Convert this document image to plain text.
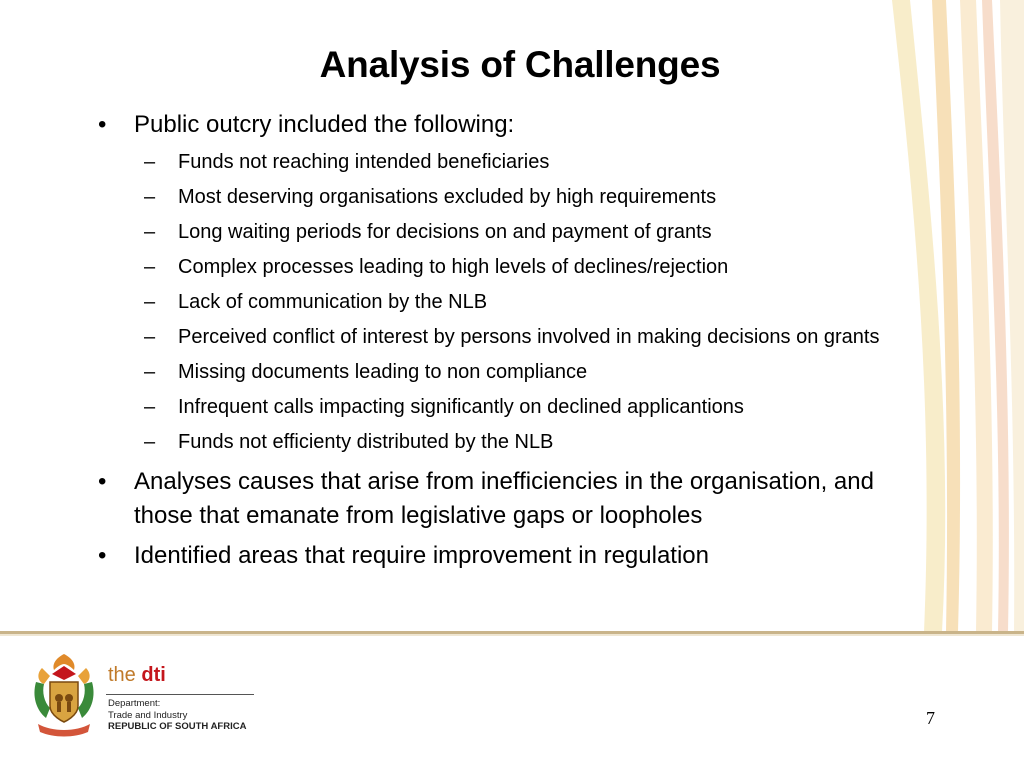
Analysis of Challenges
• Public outcry included the following:
– Funds not reaching intended beneficiaries
– Most deserving organisations excluded by high requirements
– Long waiting periods for decisions on and payment of grants
– Complex processes leading to high levels of declines/rejection
– Lack of communication by the NLB
– Perceived conflict of interest by persons involved in making decisions on grants
– Missing documents leading to non compliance
– Infrequent calls impacting significantly on declined applicantions
– Funds not efficienty distributed by the NLB
• Analyses causes that arise from inefficiencies in the organisation, and those that emanate from legislative gaps or loopholes
• Identified areas that require improvement in regulation
the dti
Department:
Trade and Industry
REPUBLIC OF SOUTH AFRICA	7
